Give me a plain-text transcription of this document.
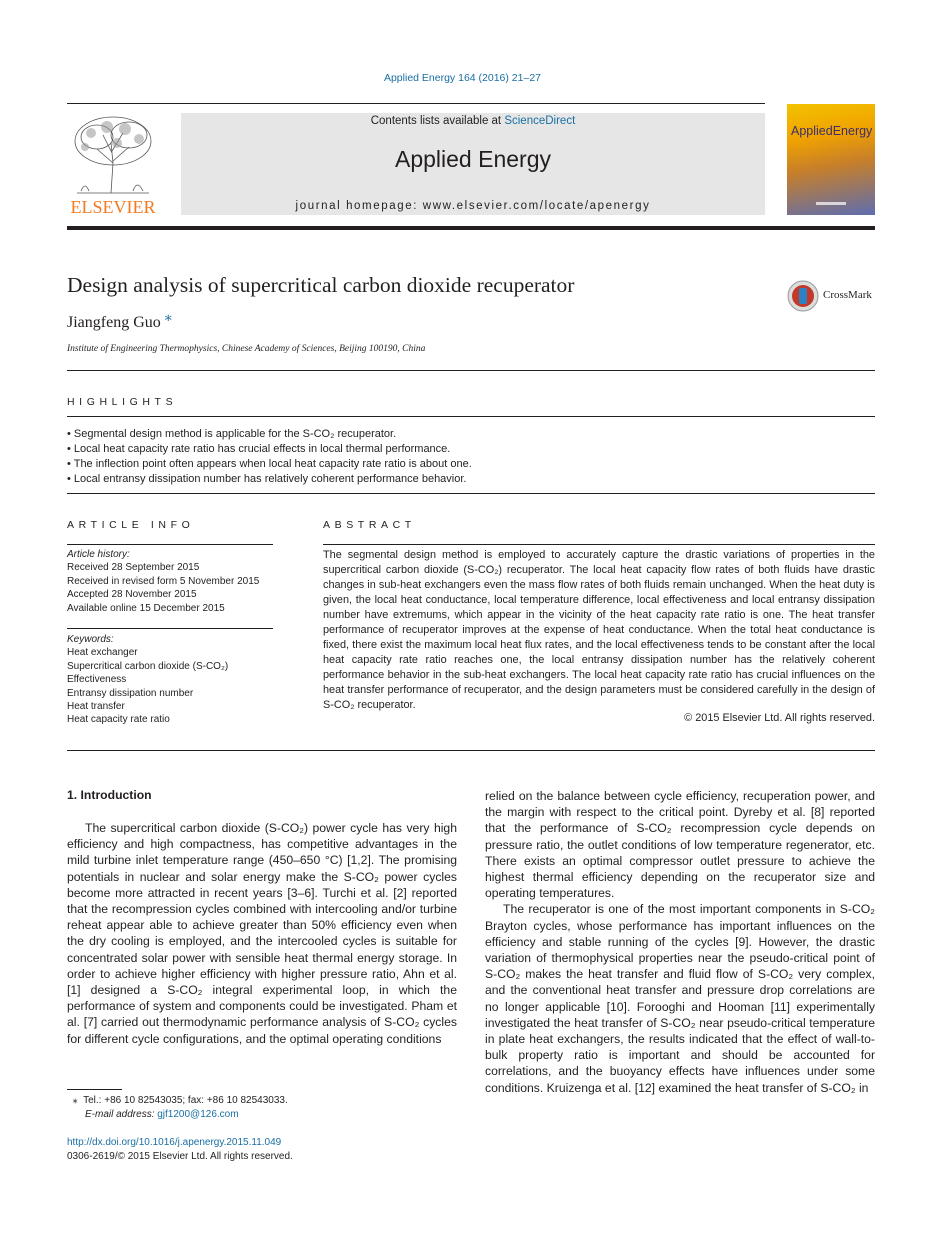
Applied Energy 164 (2016) 21–27
ELSEVIER
Contents lists available at ScienceDirect
Applied Energy
journal homepage: www.elsevier.com/locate/apenergy
AppliedEnergy
Design analysis of supercritical carbon dioxide recuperator	CrossMark
Jiangfeng Guo ⁎
Institute of Engineering Thermophysics, Chinese Academy of Sciences, Beijing 100190, China
HIGHLIGHTS
• Segmental design method is applicable for the S-CO₂ recuperator.
• Local heat capacity rate ratio has crucial effects in local thermal performance.
• The inflection point often appears when local heat capacity rate ratio is about one.
• Local entransy dissipation number has relatively coherent performance behavior.
ARTICLE INFO
Article history:
Received 28 September 2015
Received in revised form 5 November 2015
Accepted 28 November 2015
Available online 15 December 2015
Keywords:
Heat exchanger
Supercritical carbon dioxide (S-CO₂)
Effectiveness
Entransy dissipation number
Heat transfer
Heat capacity rate ratio
ABSTRACT
The segmental design method is employed to accurately capture the drastic variations of properties in the supercritical carbon dioxide (S-CO₂) recuperator. The local heat capacity flow rates of both fluids have drastic changes in sub-heat exchangers even the mass flow rates of both fluids remain unchanged. When the heat duty is given, the local heat conductance, local temperature difference, local effectiveness and local entransy dissipation number have extremums, which appear in the vicinity of the heat capacity rate ratio is one. The heat transfer performance of recuperator improves at the expense of heat conductance. When the total heat conductance is fixed, there exist the maximum local heat flux rates, and the local effectiveness tends to be constant after the local heat capacity rate ratio reaches one, the local entransy dissipation number has the relatively coherent performance behavior in the sub-heat exchangers. The local heat capacity rate ratio has crucial influences on the heat transfer performance of recuperator, and the design parameters must be considered carefully in the design of S-CO₂ recuperator.
© 2015 Elsevier Ltd. All rights reserved.
1. Introduction

The supercritical carbon dioxide (S-CO₂) power cycle has very high efficiency and high compactness, has competitive advantages in the mild turbine inlet temperature range (450–650 °C) [1,2]. The promising potentials in nuclear and solar energy make the S-CO₂ power cycles become more attracted in recent years [3–6]. Turchi et al. [2] reported that the recompression cycles combined with intercooling and/or turbine reheat appear able to achieve greater than 50% efficiency even when the dry cooling is employed, and the intercooled cycles is suitable for concentrated solar power with sensible heat thermal energy storage. In order to achieve higher efficiency with higher pressure ratio, Ahn et al. [1] designed a S-CO₂ integral experimental loop, in which the performance of system and components could be investigated. Pham et al. [7] carried out thermodynamic performance analysis of S-CO₂ cycles for different cycle configurations, and the optimal operating conditions

relied on the balance between cycle efficiency, recuperation power, and the margin with respect to the critical point. Dyreby et al. [8] reported that the performance of S-CO₂ recompression cycle depends on pressure ratio, the outlet conditions of low temperature regenerator, etc. There exists an optimal compressor outlet pressure to achieve the highest thermal efficiency depending on the recuperator size and operating temperatures.

The recuperator is one of the most important components in S-CO₂ Brayton cycles, whose performance has important influences on the efficiency and stable running of the cycles [9]. However, the drastic variation of thermophysical properties near the pseudo-critical point of S-CO₂ makes the heat transfer and fluid flow of S-CO₂ very complex, and the conventional heat transfer and pressure drop correlations are no longer applicable [10]. Forooghi and Hooman [11] experimentally investigated the heat transfer of S-CO₂ near pseudo-critical temperature in plate heat exchangers, the results indicated that the effect of wall-to-bulk property ratio is important and should be accounted for correlations, and the buoyancy effects have influences under some conditions. Kruizenga et al. [12] examined the heat transfer of S-CO₂ in

⁎ Tel.: +86 10 82543035; fax: +86 10 82543033.
E-mail address: gjf1200@126.com
http://dx.doi.org/10.1016/j.apenergy.2015.11.049
0306-2619/© 2015 Elsevier Ltd. All rights reserved.
